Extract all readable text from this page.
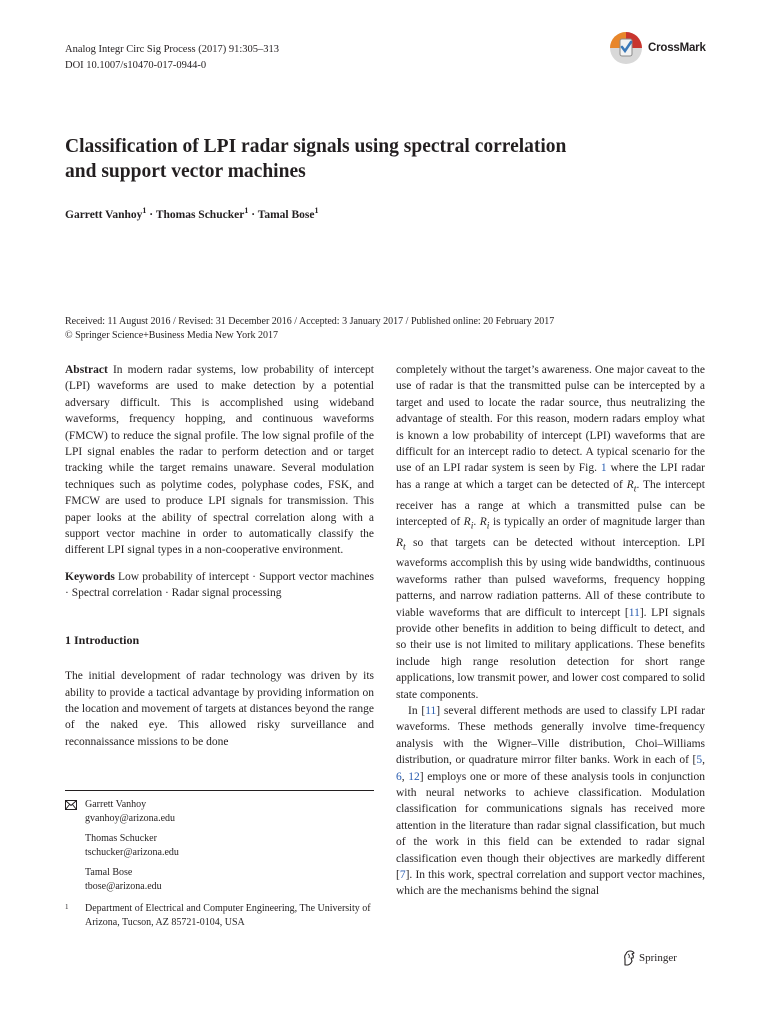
Analog Integr Circ Sig Process (2017) 91:305–313
DOI 10.1007/s10470-017-0944-0
CrossMark
Classification of LPI radar signals using spectral correlation
and support vector machines
Garrett Vanhoy$^1$ · Thomas Schucker$^1$ · Tamal Bose$^1$
Received: 11 August 2016 / Revised: 31 December 2016 / Accepted: 3 January 2017 / Published online: 20 February 2017
© Springer Science+Business Media New York 2017

Abstract In modern radar systems, low probability of intercept (LPI) waveforms are used to make detection by a potential adversary difficult. This is accomplished using wideband waveforms, frequency hopping, and continuous waveforms (FMCW) to reduce the signal profile. The low signal profile of the LPI signal enables the radar to perform detection and or target tracking while the target remains unaware. Several modulation techniques such as polytime codes, polyphase codes, FSK, and FMCW are used to produce LPI signals for transmission. This paper looks at the ability of spectral correlation along with a support vector machine in order to automatically classify the different LPI signal types in a non-cooperative environment.

Keywords Low probability of intercept · Support vector machines · Spectral correlation · Radar signal processing

1 Introduction

The initial development of radar technology was driven by its ability to provide a tactical advantage by providing information on the location and movement of targets at distances beyond the range of the naked eye. This allowed risky surveillance and reconnaissance missions to be done

completely without the target’s awareness. One major caveat to the use of radar is that the transmitted pulse can be intercepted by a target and used to locate the radar source, thus neutralizing the advantage of stealth. For this reason, modern radars employ what is known a low probability of intercept (LPI) waveforms that are difficult for an intercept radio to detect. A typical scenario for the use of an LPI radar system is seen by Fig. 1 where the LPI radar has a range at which a target can be detected of $R_t$. The intercept receiver has a range at which a transmitted pulse can be intercepted of $R_i$. $R_i$ is typically an order of magnitude larger than $R_t$ so that targets can be detected without interception. LPI waveforms accomplish this by using wide bandwidths, continuous waveforms rather than pulsed waveforms, frequency hopping patterns, and narrow radiation patterns. All of these contribute to viable waveforms that are difficult to intercept [11]. LPI signals provide other benefits in addition to being difficult to detect, and so their use is not limited to military applications. These benefits include high range resolution detection for short range applications, low transmit power, and lower cost compared to solid state components.

In [11] several different methods are used to classify LPI radar waveforms. These methods generally involve time-frequency analysis with the Wigner–Ville distribution, Choi–Williams distribution, or quadrature mirror filter banks. Work in each of [5, 6, 12] employs one or more of these analysis tools in conjunction with neural networks to achieve classification. Modulation classification for communications signals has received more attention in the literature than radar signal classification, but much of the work in this field can be extended to radar signal classification even though their objectives are markedly different [7]. In this work, spectral correlation and support vector machines, which are the mechanisms behind the signal

Garrett Vanhoy
gvanhoy@arizona.edu
Thomas Schucker
tschucker@arizona.edu
Tamal Bose
tbose@arizona.edu
1 Department of Electrical and Computer Engineering, The University of Arizona, Tucson, AZ 85721-0104, USA
Springer
